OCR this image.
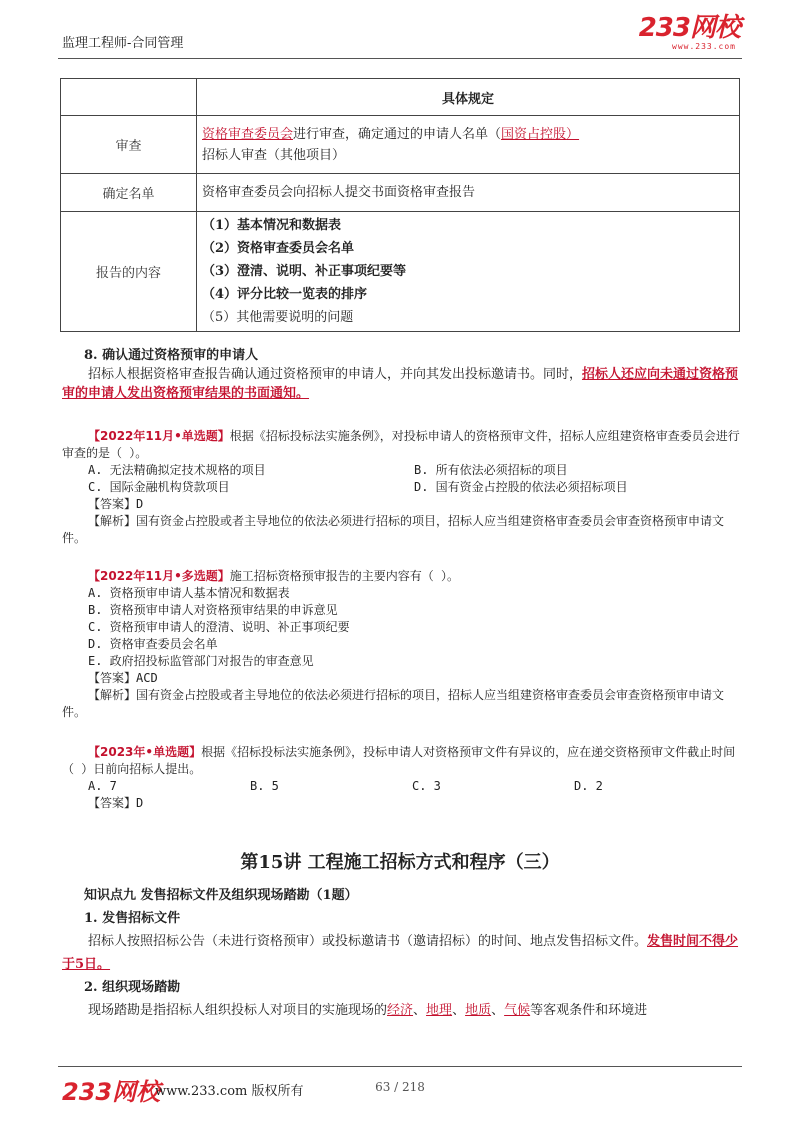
监理工程师-合同管理
233网校
www.233.com
	具体规定
审查	资格审查委员会进行审查，确定通过的申请人名单（国资占控股）
招标人审查（其他项目）

确定名单	资格审查委员会向招标人提交书面资格审查报告
报告的内容	（1）基本情况和数据表
（2）资格审查委员会名单
（3）澄清、说明、补正事项纪要等
（4）评分比较一览表的排序
（5）其他需要说明的问题
8. 确认通过资格预审的申请人
招标人根据资格审查报告确认通过资格预审的申请人，并向其发出投标邀请书。同时，招标人还应向未通过资格预审的申请人发出资格预审结果的书面通知。
【2022年11月•单选题】根据《招标投标法实施条例》，对投标申请人的资格预审文件，招标人应组建资格审查委员会进行审查的是（ ）。
A. 无法精确拟定技术规格的项目	B. 所有依法必须招标的项目
C. 国际金融机构贷款项目	D. 国有资金占控股的依法必须招标项目
【答案】D
【解析】国有资金占控股或者主导地位的依法必须进行招标的项目，招标人应当组建资格审查委员会审查资格预审申请文件。
【2022年11月•多选题】施工招标资格预审报告的主要内容有（ ）。
A. 资格预审申请人基本情况和数据表
B. 资格预审申请人对资格预审结果的申诉意见
C. 资格预审申请人的澄清、说明、补正事项纪要
D. 资格审查委员会名单
E. 政府招投标监管部门对报告的审查意见
【答案】ACD
【解析】国有资金占控股或者主导地位的依法必须进行招标的项目，招标人应当组建资格审查委员会审查资格预审申请文件。
【2023年•单选题】根据《招标投标法实施条例》，投标申请人对资格预审文件有异议的，应在递交资格预审文件截止时间（ ）日前向招标人提出。
A. 7	B. 5	C. 3	D. 2
【答案】D
第15讲 工程施工招标方式和程序（三）
知识点九 发售招标文件及组织现场踏勘（1题）
1. 发售招标文件
招标人按照招标公告（未进行资格预审）或投标邀请书（邀请招标）的时间、地点发售招标文件。发售时间不得少于5日。
2. 组织现场踏勘
现场踏勘是指招标人组织投标人对项目的实施现场的经济、地理、地质、气候等客观条件和环境进
233网校
www.233.com 版权所有	63 / 218
